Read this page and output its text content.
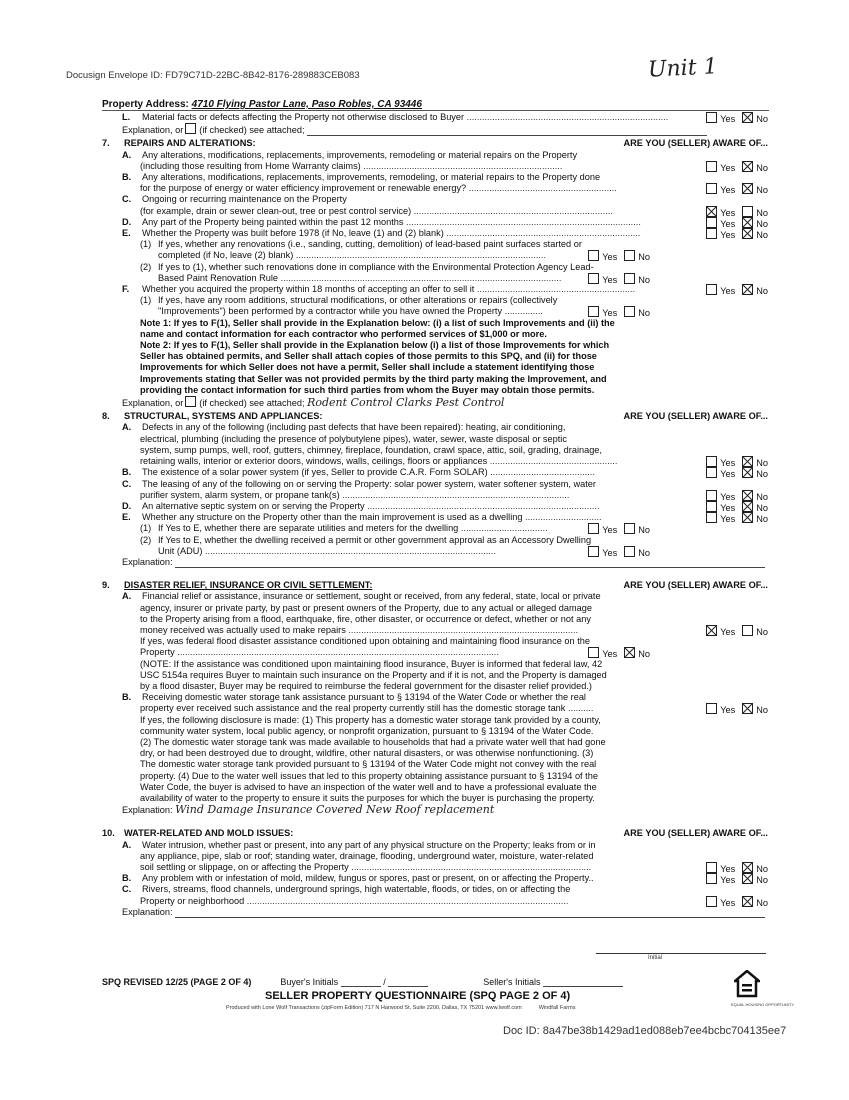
Docusign Envelope ID: FD79C71D-22BC-8B42-8176-289883CEB083	Unit 1
Property Address: 4710 Flying Pastor Lane, Paso Robles, CA 93446
L. Material facts or defects affecting the Property not otherwise disclosed to Buyer ...............................................................................	Yes No
Explanation, or (if checked) see attached;
7. REPAIRS AND ALTERATIONS:	ARE YOU (SELLER) AWARE OF...
A. Any alterations, modifications, replacements, improvements, remodeling or material repairs on the Property
(including those resulting from Home Warranty claims) ..............................................................................	Yes No
B. Any alterations, modifications, replacements, improvements, remodeling, or material repairs to the Property done
for the purpose of energy or water efficiency improvement or renewable energy? ..........................................................	Yes No
C. Ongoing or recurring maintenance on the Property
(for example, drain or sewer clean-out, tree or pest control service) ..............................................................................	Yes No
D. Any part of the Property being painted within the past 12 months ............................................................................................	Yes No
E. Whether the Property was built before 1978 (if No, leave (1) and (2) blank) ............................................................................	Yes No
(1) If yes, whether any renovations (i.e., sanding, cutting, demolition) of lead-based paint surfaces started or
completed (if No, leave (2) blank) ..................................................................................................	Yes No
(2) If yes to (1), whether such renovations done in compliance with the Environmental Protection Agency Lead-
Based Paint Renovation Rule ..............................................................................................................	Yes No
F. Whether you acquired the property within 18 months of accepting an offer to sell it ..............................................................	Yes No
(1) If yes, have any room additions, structural modifications, or other alterations or repairs (collectively
"Improvements") been performed by a contractor while you have owned the Property ...............	Yes No
Note 1: If yes to F(1), Seller shall provide in the Explanation below: (i) a list of such Improvements and (ii) the
name and contact information for each contractor who performed services of $1,000 or more.
Note 2: If yes to F(1), Seller shall provide in the Explanation below (i) a list of those Improvements for which
Seller has obtained permits, and Seller shall attach copies of those permits to this SPQ, and (ii) for those
Improvements for which Seller does not have a permit, Seller shall include a statement identifying those
Improvements stating that Seller was not provided permits by the third party making the Improvement, and
providing the contact information for such third parties from whom the Buyer may obtain those permits.
Explanation, or (if checked) see attached; Rodent Control Clarks Pest Control
8. STRUCTURAL, SYSTEMS AND APPLIANCES:	ARE YOU (SELLER) AWARE OF...
A. Defects in any of the following (including past defects that have been repaired): heating, air conditioning,
electrical, plumbing (including the presence of polybutylene pipes), water, sewer, waste disposal or septic
system, sump pumps, well, roof, gutters, chimney, fireplace, foundation, crawl space, attic, soil, grading, drainage,
retaining walls, interior or exterior doors, windows, walls, ceilings, floors or appliances ..................................................	Yes No
B. The existence of a solar power system (if yes, Seller to provide C.A.R. Form SOLAR) .........................................	Yes No
C. The leasing of any of the following on or serving the Property: solar power system, water softener system, water
purifier system, alarm system, or propane tank(s) .........................................................................................	Yes No
D. An alternative septic system on or serving the Property ...........................................................................................	Yes No
E. Whether any structure on the Property other than the main improvement is used as a dwelling ..............................	Yes No
(1) If Yes to E, whether there are separate utilities and meters for the dwelling ..................................	Yes No
(2) If Yes to E, whether the dwelling received a permit or other government approval as an Accessory Dwelling
Unit (ADU) ..................................................................................................................	Yes No
Explanation:
9. DISASTER RELIEF, INSURANCE OR CIVIL SETTLEMENT:	ARE YOU (SELLER) AWARE OF...
A. Financial relief or assistance, insurance or settlement, sought or received, from any federal, state, local or private
agency, insurer or private party, by past or present owners of the Property, due to any actual or alleged damage
to the Property arising from a flood, earthquake, fire, other disaster, or occurrence or defect, whether or not any
money received was actually used to make repairs ..........................................................................................	Yes No
If yes, was federal flood disaster assistance conditioned upon obtaining and maintaining flood insurance on the
Property ..............................................................................................................................	Yes No
(NOTE: If the assistance was conditioned upon maintaining flood insurance, Buyer is informed that federal law, 42
USC 5154a requires Buyer to maintain such insurance on the Property and if it is not, and the Property is damaged
by a flood disaster, Buyer may be required to reimburse the federal government for the disaster relief provided.)
B. Receiving domestic water storage tank assistance pursuant to § 13194 of the Water Code or whether the real
property ever received such assistance and the real property currently still has the domestic storage tank ..........	Yes No
If yes, the following disclosure is made: (1) This property has a domestic water storage tank provided by a county,
community water system, local public agency, or nonprofit organization, pursuant to § 13194 of the Water Code.
(2) The domestic water storage tank was made available to households that had a private water well that had gone
dry, or had been destroyed due to drought, wildfire, other natural disasters, or was otherwise nonfunctioning. (3)
The domestic water storage tank provided pursuant to § 13194 of the Water Code might not convey with the real
property. (4) Due to the water well issues that led to this property obtaining assistance pursuant to § 13194 of the
Water Code, the buyer is advised to have an inspection of the water well and to have a professional evaluate the
availability of water to the property to ensure it suits the purposes for which the buyer is purchasing the property.
Explanation: Wind Damage Insurance Covered New Roof replacement
10. WATER-RELATED AND MOLD ISSUES:	ARE YOU (SELLER) AWARE OF...
A. Water intrusion, whether past or present, into any part of any physical structure on the Property; leaks from or in
any appliance, pipe, slab or roof; standing water, drainage, flooding, underground water, moisture, water-related
soil settling or slippage, on or affecting the Property ..............................................................................................	Yes No
B. Any problem with or infestation of mold, mildew, fungus or spores, past or present, on or affecting the Property..	Yes No
C. Rivers, streams, flood channels, underground springs, high watertable, floods, or tides, on or affecting the
Property or neighborhood ..............................................................................................................................	Yes No
Explanation:
Initial
SPQ REVISED 12/25 (PAGE 2 OF 4)	Buyer's Initials	/	Seller's Initials
SELLER PROPERTY QUESTIONNAIRE (SPQ PAGE 2 OF 4)
Produced with Lone Wolf Transactions (zipForm Edition) 717 N Harwood St, Suite 2200, Dallas, TX 75201 www.lwolf.com	Windfall Farms
EQUAL HOUSING OPPORTUNITY
Doc ID: 8a47be38b1429ad1ed088eb7ee4bcbc704135ee7
